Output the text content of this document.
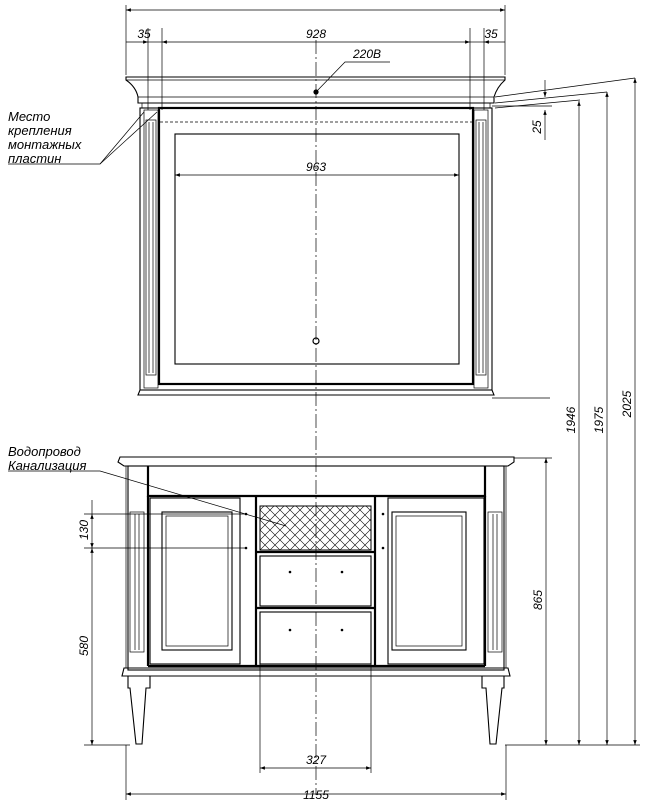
35	928	35
220В
963
25
865
1946 1975
2025
130
580
327
1155
Место
крепления
монтажных
пластин
Водопровод
Канализация
